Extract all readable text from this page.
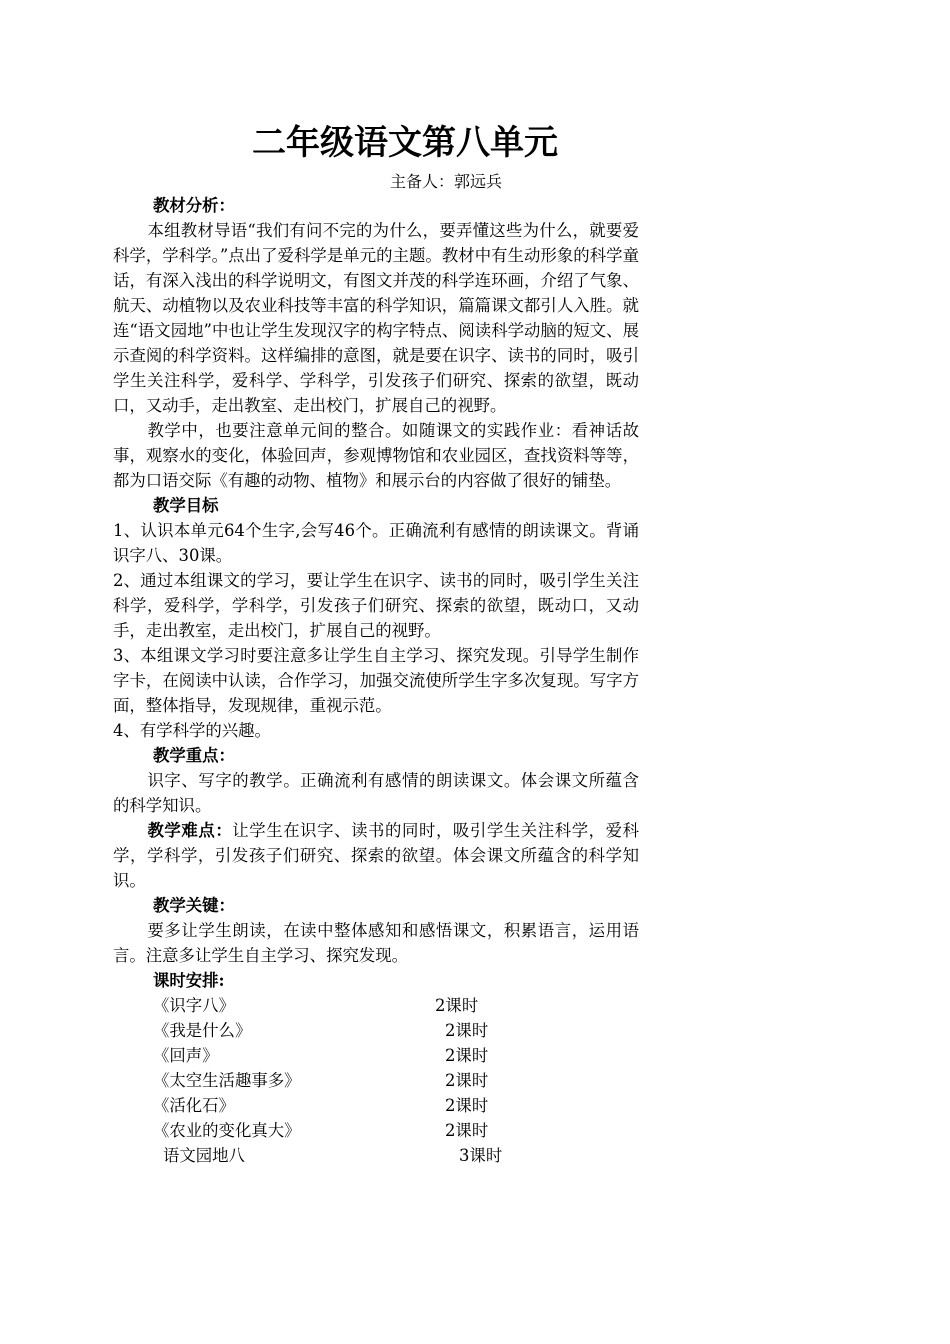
二年级语文第八单元
主备人：郭远兵

教材分析：

本组教材导语“我们有问不完的为什么，要弄懂这些为什么，就要爱科学，学科学。”点出了爱科学是单元的主题。教材中有生动形象的科学童话，有深入浅出的科学说明文，有图文并茂的科学连环画，介绍了气象、航天、动植物以及农业科技等丰富的科学知识，篇篇课文都引人入胜。就连“语文园地”中也让学生发现汉字的构字特点、阅读科学动脑的短文、展示查阅的科学资料。这样编排的意图，就是要在识字、读书的同时，吸引学生关注科学，爱科学、学科学，引发孩子们研究、探索的欲望，既动口，又动手，走出教室、走出校门，扩展自己的视野。

教学中，也要注意单元间的整合。如随课文的实践作业：看神话故事，观察水的变化，体验回声，参观博物馆和农业园区，查找资料等等，都为口语交际《有趣的动物、植物》和展示台的内容做了很好的铺垫。

教学目标

1、认识本单元64个生字,会写46个。正确流利有感情的朗读课文。背诵识字八、30课。

2、通过本组课文的学习，要让学生在识字、读书的同时，吸引学生关注科学，爱科学，学科学，引发孩子们研究、探索的欲望，既动口，又动手，走出教室，走出校门，扩展自己的视野。

3、本组课文学习时要注意多让学生自主学习、探究发现。引导学生制作字卡，在阅读中认读，合作学习，加强交流使所学生字多次复现。写字方面，整体指导，发现规律，重视示范。

4、有学科学的兴趣。

教学重点：

识字、写字的教学。正确流利有感情的朗读课文。体会课文所蕴含的科学知识。

教学难点：让学生在识字、读书的同时，吸引学生关注科学，爱科学，学科学，引发孩子们研究、探索的欲望。体会课文所蕴含的科学知识。

教学关键：

要多让学生朗读，在读中整体感知和感悟课文，积累语言，运用语言。注意多让学生自主学习、探究发现。

课时安排:

《识字八》	2课时
《我是什么》	2课时
《回声》	2课时
《太空生活趣事多》	2课时
《活化石》	2课时
《农业的变化真大》	2课时
语文园地八	3课时
